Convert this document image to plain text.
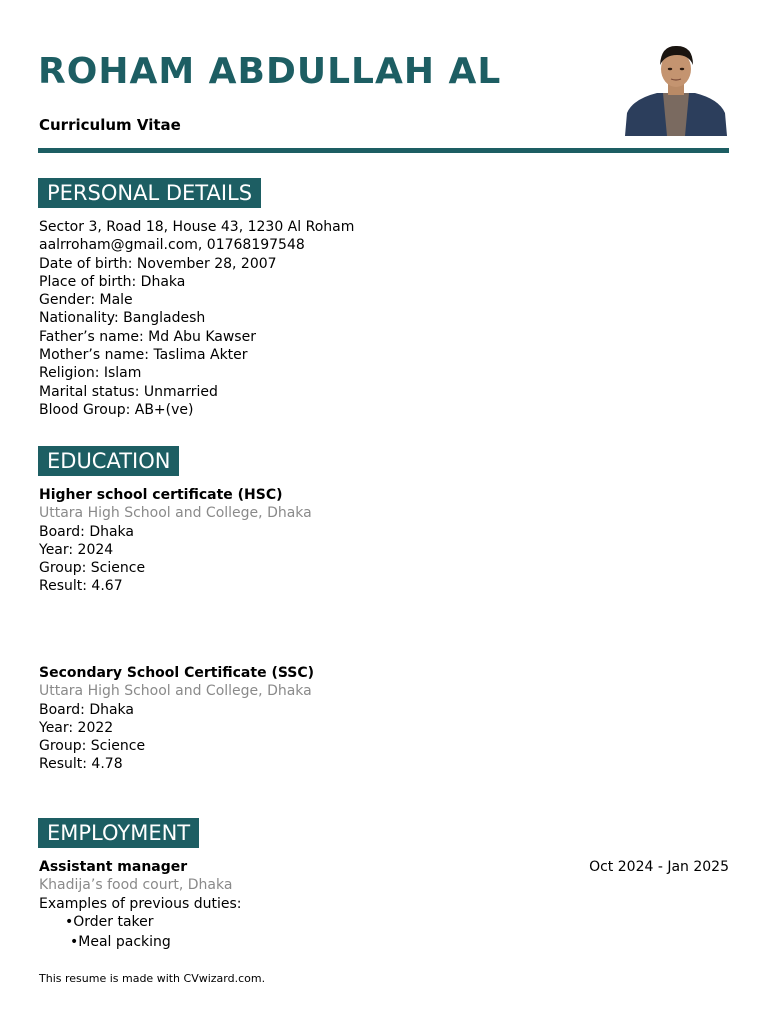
ROHAM ABDULLAH AL
Curriculum Vitae
PERSONAL DETAILS
Sector 3, Road 18, House 43, 1230 Al Roham
aalrroham@gmail.com, 01768197548
Date of birth: November 28, 2007
Place of birth: Dhaka
Gender: Male
Nationality: Bangladesh
Father’s name: Md Abu Kawser
Mother’s name: Taslima Akter
Religion: Islam
Marital status: Unmarried
Blood Group: AB+(ve)
EDUCATION
Higher school certificate (HSC)
Uttara High School and College, Dhaka
Board: Dhaka
Year: 2024
Group: Science
Result: 4.67
Secondary School Certificate (SSC)
Uttara High School and College, Dhaka
Board: Dhaka
Year: 2022
Group: Science
Result: 4.78
EMPLOYMENT
Assistant manager
Khadija’s food court, Dhaka
Examples of previous duties:
Oct 2024 - Jan 2025
•Order taker
•Meal packing
This resume is made with CVwizard.com.
